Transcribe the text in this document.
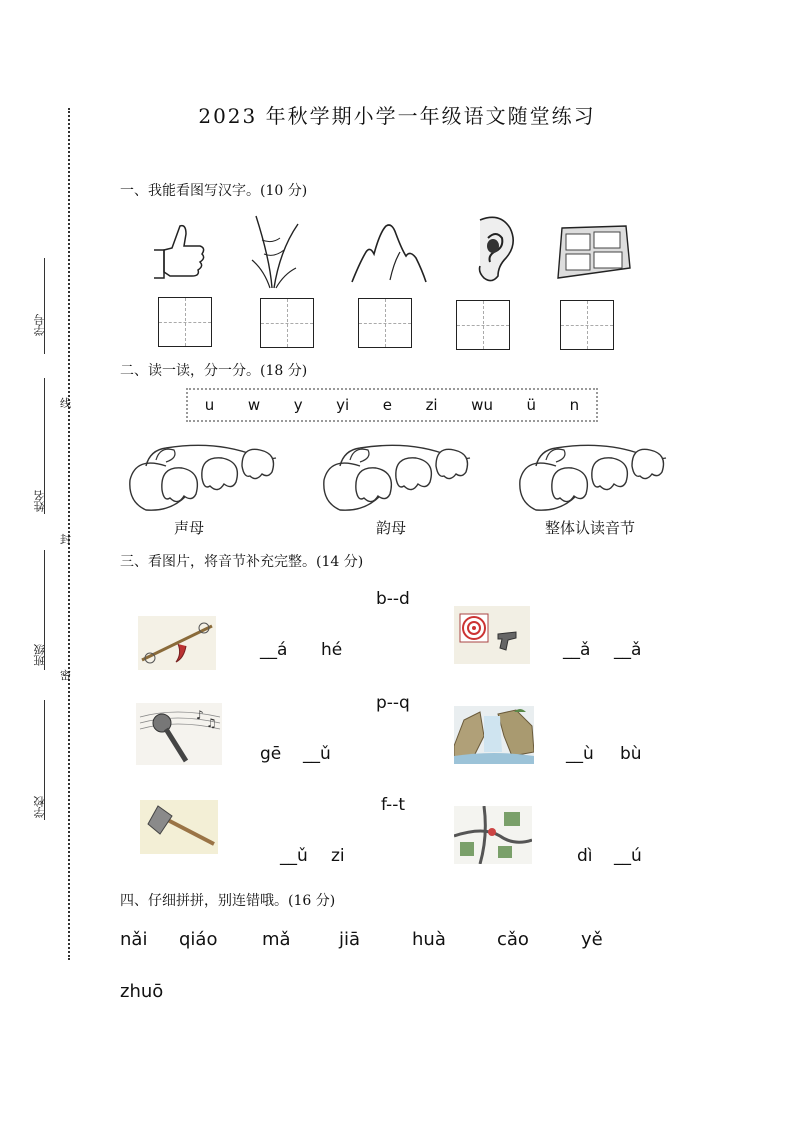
线
封
密
学号
姓名
班级
学校
2023 年秋学期小学一年级语文随堂练习
一、我能看图写汉字。(10 分)
二、读一读，分一分。(18 分)
u w y yi e zi wu ü n
声母	韵母	整体认读音节
三、看图片，将音节补充完整。(14 分)
b--d
__á hé	__ǎ __ǎ
p--q
♪
♫
gē __ǔ	__ù bù
f--t
__ǔ zi	dì __ú
四、仔细拼拼，别连错哦。(16 分)
nǎi qiáo mǎ	jiā	huà	cǎo	yě
zhuō
